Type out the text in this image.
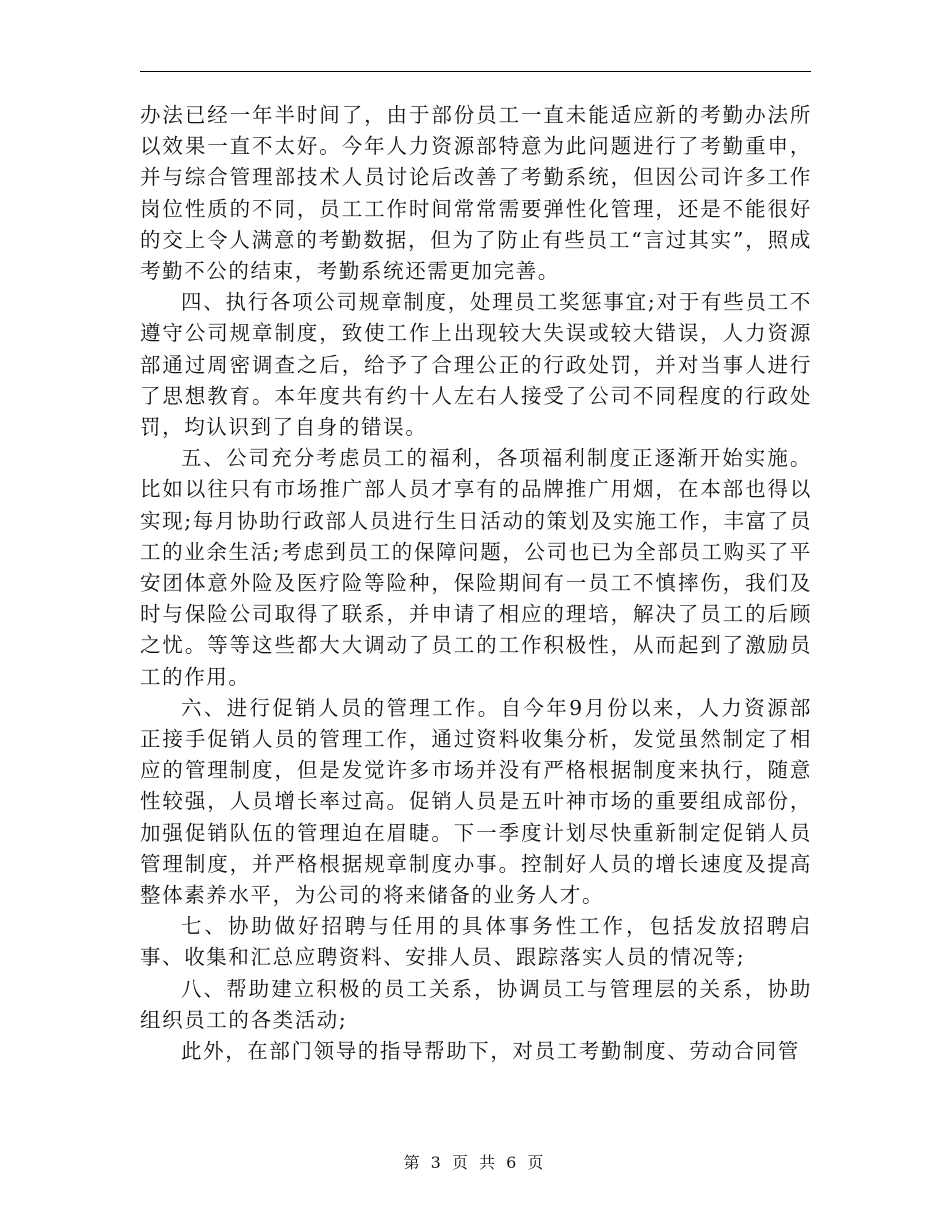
办法已经一年半时间了，由于部份员工一直未能适应新的考勤办法所以效果一直不太好。今年人力资源部特意为此问题进行了考勤重申，并与综合管理部技术人员讨论后改善了考勤系统，但因公司许多工作岗位性质的不同，员工工作时间常常需要弹性化管理，还是不能很好的交上令人满意的考勤数据，但为了防止有些员工“言过其实”，照成考勤不公的结束，考勤系统还需更加完善。

四、执行各项公司规章制度，处理员工奖惩事宜;对于有些员工不遵守公司规章制度，致使工作上出现较大失误或较大错误，人力资源部通过周密调查之后，给予了合理公正的行政处罚，并对当事人进行了思想教育。本年度共有约十人左右人接受了公司不同程度的行政处罚，均认识到了自身的错误。

五、公司充分考虑员工的福利，各项福利制度正逐渐开始实施。比如以往只有市场推广部人员才享有的品牌推广用烟，在本部也得以实现;每月协助行政部人员进行生日活动的策划及实施工作，丰富了员工的业余生活;考虑到员工的保障问题，公司也已为全部员工购买了平安团体意外险及医疗险等险种，保险期间有一员工不慎摔伤，我们及时与保险公司取得了联系，并申请了相应的理培，解决了员工的后顾之忧。等等这些都大大调动了员工的工作积极性，从而起到了激励员工的作用。

六、进行促销人员的管理工作。自今年9月份以来，人力资源部正接手促销人员的管理工作，通过资料收集分析，发觉虽然制定了相应的管理制度，但是发觉许多市场并没有严格根据制度来执行，随意性较强，人员增长率过高。促销人员是五叶神市场的重要组成部份，加强促销队伍的管理迫在眉睫。下一季度计划尽快重新制定促销人员管理制度，并严格根据规章制度办事。控制好人员的增长速度及提高整体素养水平，为公司的将来储备的业务人才。

七、协助做好招聘与任用的具体事务性工作，包括发放招聘启事、收集和汇总应聘资料、安排人员、跟踪落实人员的情况等;

八、帮助建立积极的员工关系，协调员工与管理层的关系，协助组织员工的各类活动;

此外，在部门领导的指导帮助下，对员工考勤制度、劳动合同管

第 3 页 共 6 页
